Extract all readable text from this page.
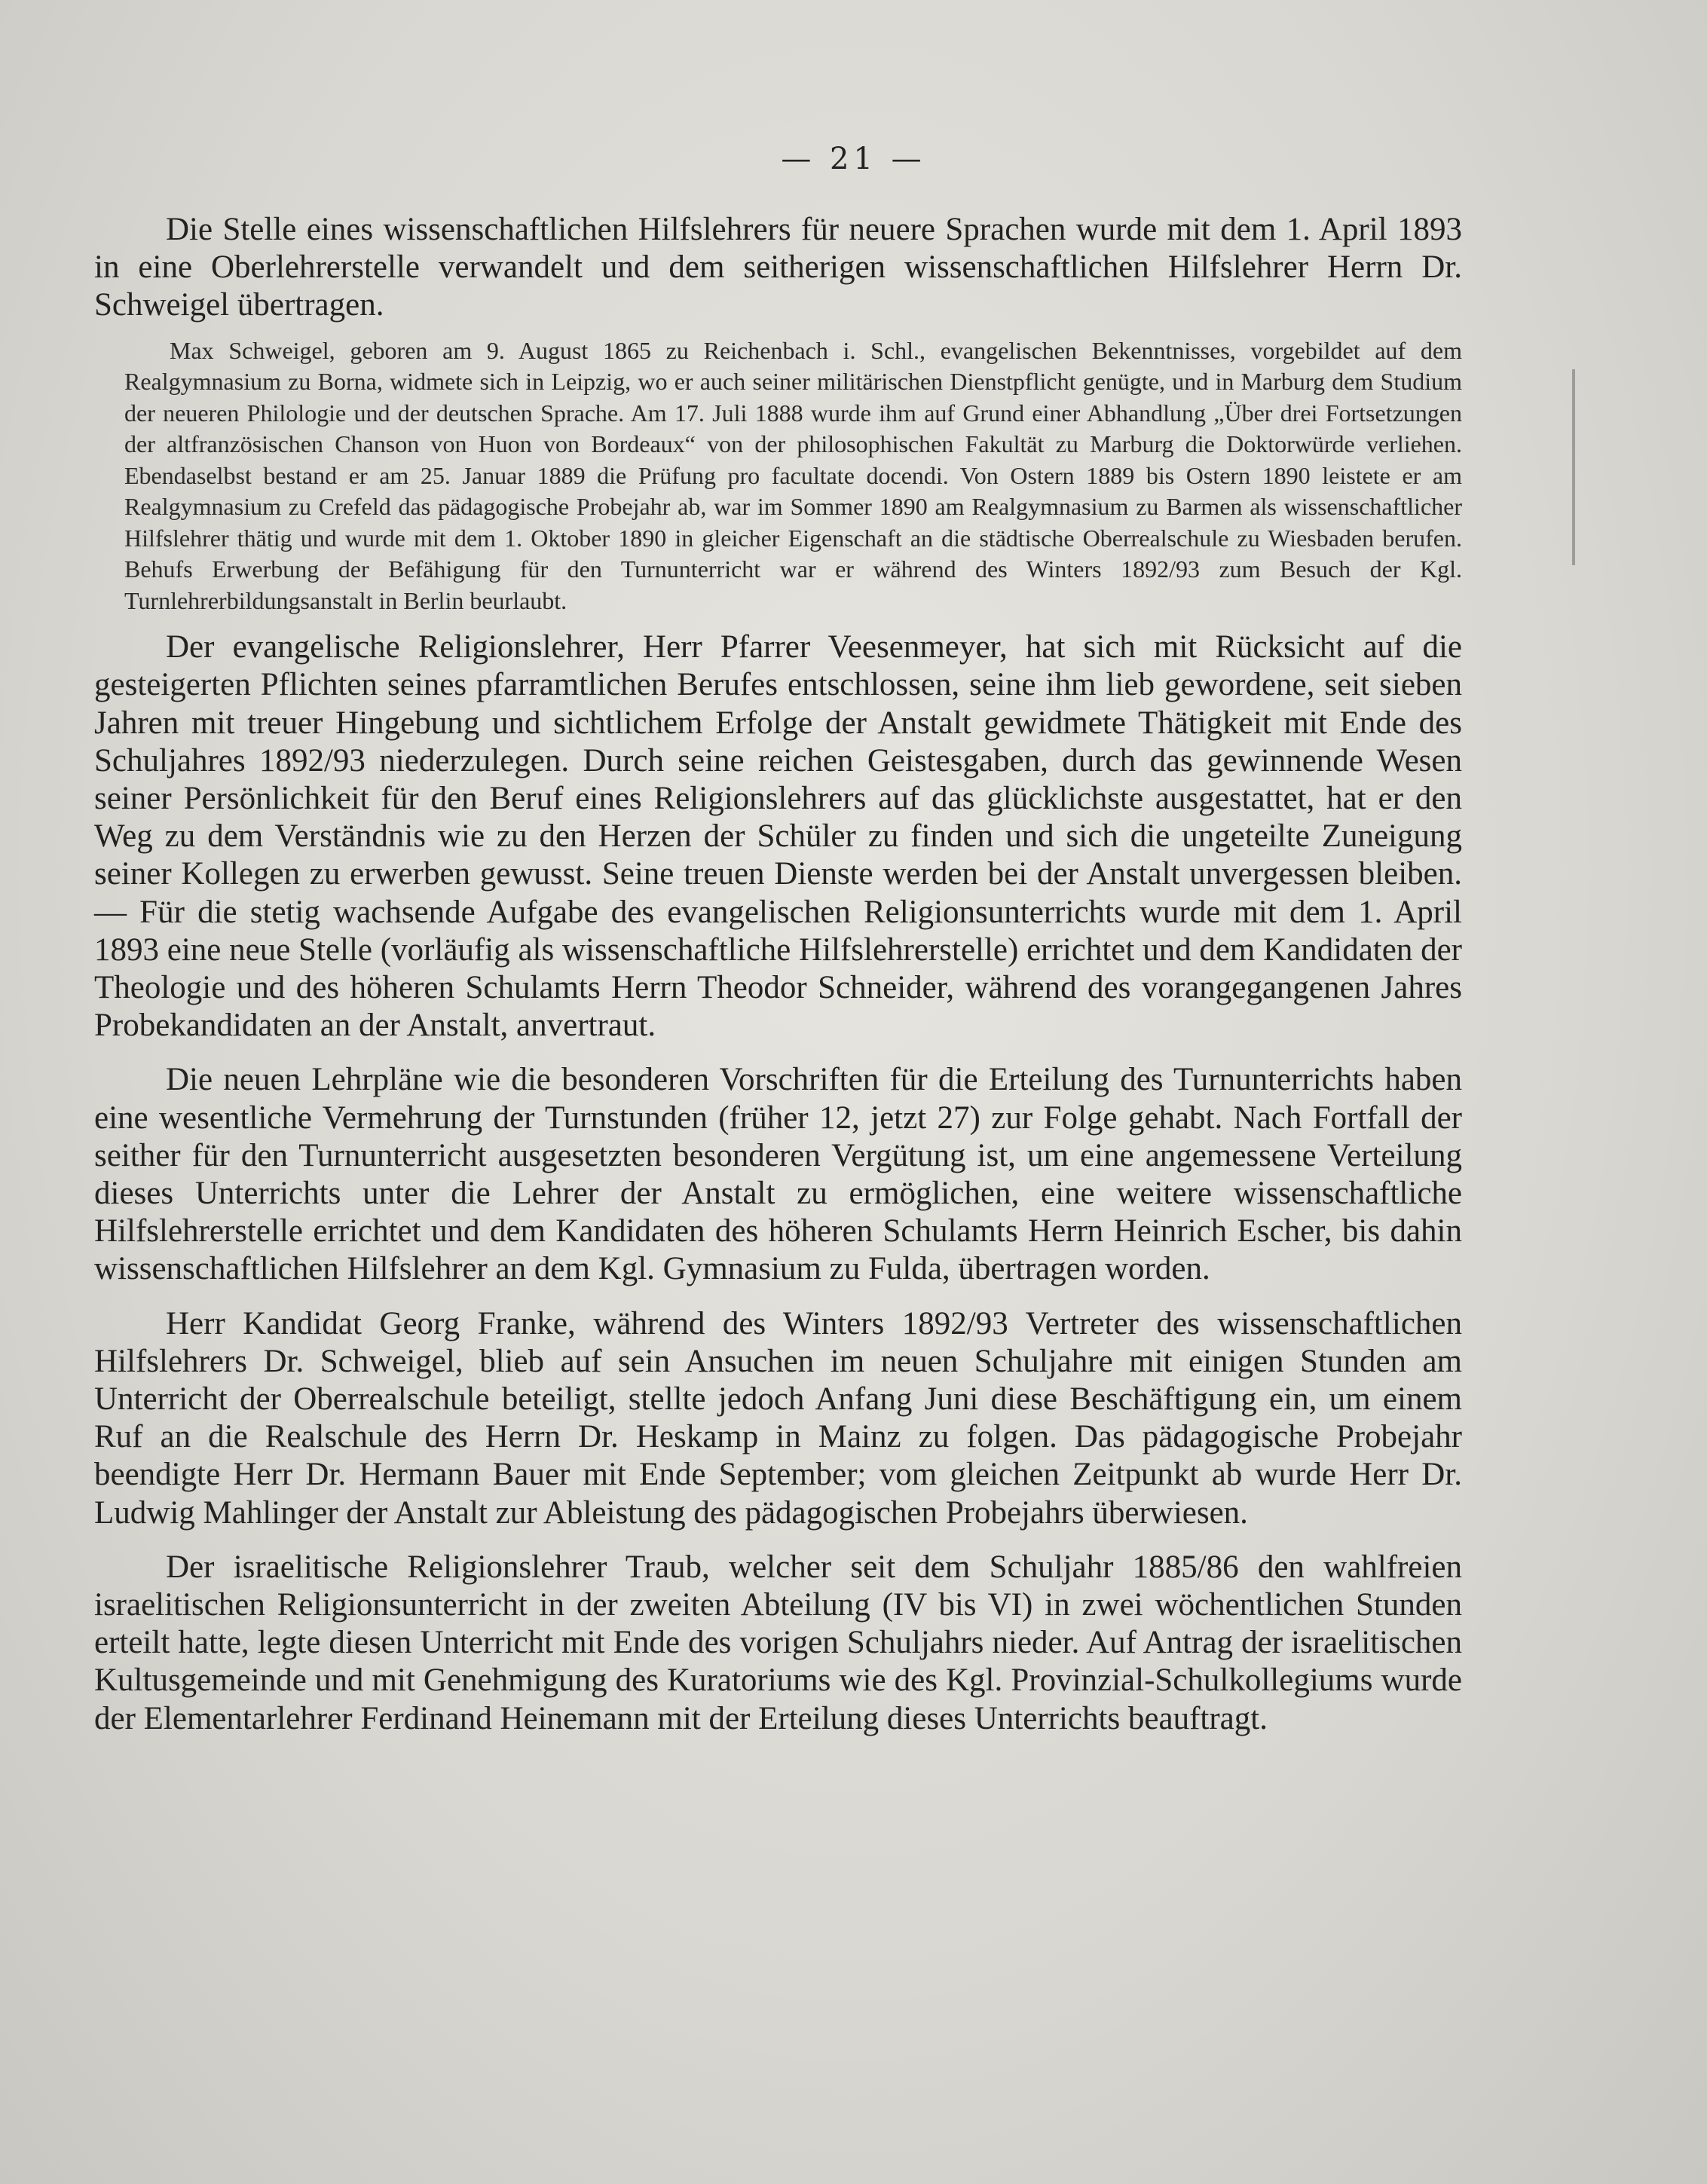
— 21 —

Die Stelle eines wissenschaftlichen Hilfslehrers für neuere Sprachen wurde mit dem 1. April 1893 in eine Oberlehrerstelle verwandelt und dem seitherigen wissenschaftlichen Hilfslehrer Herrn Dr. Schweigel übertragen.

Max Schweigel, geboren am 9. August 1865 zu Reichenbach i. Schl., evangelischen Bekenntnisses, vorgebildet auf dem Realgymnasium zu Borna, widmete sich in Leipzig, wo er auch seiner militärischen Dienstpflicht genügte, und in Marburg dem Studium der neueren Philologie und der deutschen Sprache. Am 17. Juli 1888 wurde ihm auf Grund einer Abhandlung „Über drei Fortsetzungen der altfranzösischen Chanson von Huon von Bordeaux“ von der philosophischen Fakultät zu Marburg die Doktorwürde verliehen. Ebendaselbst bestand er am 25. Januar 1889 die Prüfung pro facultate docendi. Von Ostern 1889 bis Ostern 1890 leistete er am Realgymnasium zu Crefeld das pädagogische Probejahr ab, war im Sommer 1890 am Realgymnasium zu Barmen als wissenschaftlicher Hilfslehrer thätig und wurde mit dem 1. Oktober 1890 in gleicher Eigenschaft an die städtische Oberrealschule zu Wiesbaden berufen. Behufs Erwerbung der Befähigung für den Turnunterricht war er während des Winters 1892/93 zum Besuch der Kgl. Turnlehrerbildungsanstalt in Berlin beurlaubt.

Der evangelische Religionslehrer, Herr Pfarrer Veesenmeyer, hat sich mit Rücksicht auf die gesteigerten Pflichten seines pfarramtlichen Berufes entschlossen, seine ihm lieb gewordene, seit sieben Jahren mit treuer Hingebung und sichtlichem Erfolge der Anstalt gewidmete Thätigkeit mit Ende des Schuljahres 1892/93 niederzulegen. Durch seine reichen Geistesgaben, durch das gewinnende Wesen seiner Persönlichkeit für den Beruf eines Religionslehrers auf das glücklichste ausgestattet, hat er den Weg zu dem Verständnis wie zu den Herzen der Schüler zu finden und sich die ungeteilte Zuneigung seiner Kollegen zu erwerben gewusst. Seine treuen Dienste werden bei der Anstalt unvergessen bleiben. — Für die stetig wachsende Aufgabe des evangelischen Religionsunterrichts wurde mit dem 1. April 1893 eine neue Stelle (vorläufig als wissenschaftliche Hilfslehrerstelle) errichtet und dem Kandidaten der Theologie und des höheren Schulamts Herrn Theodor Schneider, während des vorangegangenen Jahres Probekandidaten an der Anstalt, anvertraut.

Die neuen Lehrpläne wie die besonderen Vorschriften für die Erteilung des Turnunterrichts haben eine wesentliche Vermehrung der Turnstunden (früher 12, jetzt 27) zur Folge gehabt. Nach Fortfall der seither für den Turnunterricht ausgesetzten besonderen Vergütung ist, um eine angemessene Verteilung dieses Unterrichts unter die Lehrer der Anstalt zu ermöglichen, eine weitere wissenschaftliche Hilfslehrerstelle errichtet und dem Kandidaten des höheren Schulamts Herrn Heinrich Escher, bis dahin wissenschaftlichen Hilfslehrer an dem Kgl. Gymnasium zu Fulda, übertragen worden.

Herr Kandidat Georg Franke, während des Winters 1892/93 Vertreter des wissenschaftlichen Hilfslehrers Dr. Schweigel, blieb auf sein Ansuchen im neuen Schuljahre mit einigen Stunden am Unterricht der Oberrealschule beteiligt, stellte jedoch Anfang Juni diese Beschäftigung ein, um einem Ruf an die Realschule des Herrn Dr. Heskamp in Mainz zu folgen. Das pädagogische Probejahr beendigte Herr Dr. Hermann Bauer mit Ende September; vom gleichen Zeitpunkt ab wurde Herr Dr. Ludwig Mahlinger der Anstalt zur Ableistung des pädagogischen Probejahrs überwiesen.

Der israelitische Religionslehrer Traub, welcher seit dem Schuljahr 1885/86 den wahlfreien israelitischen Religionsunterricht in der zweiten Abteilung (IV bis VI) in zwei wöchentlichen Stunden erteilt hatte, legte diesen Unterricht mit Ende des vorigen Schuljahrs nieder. Auf Antrag der israelitischen Kultusgemeinde und mit Genehmigung des Kuratoriums wie des Kgl. Provinzial-Schulkollegiums wurde der Elementarlehrer Ferdinand Heinemann mit der Erteilung dieses Unterrichts beauftragt.
